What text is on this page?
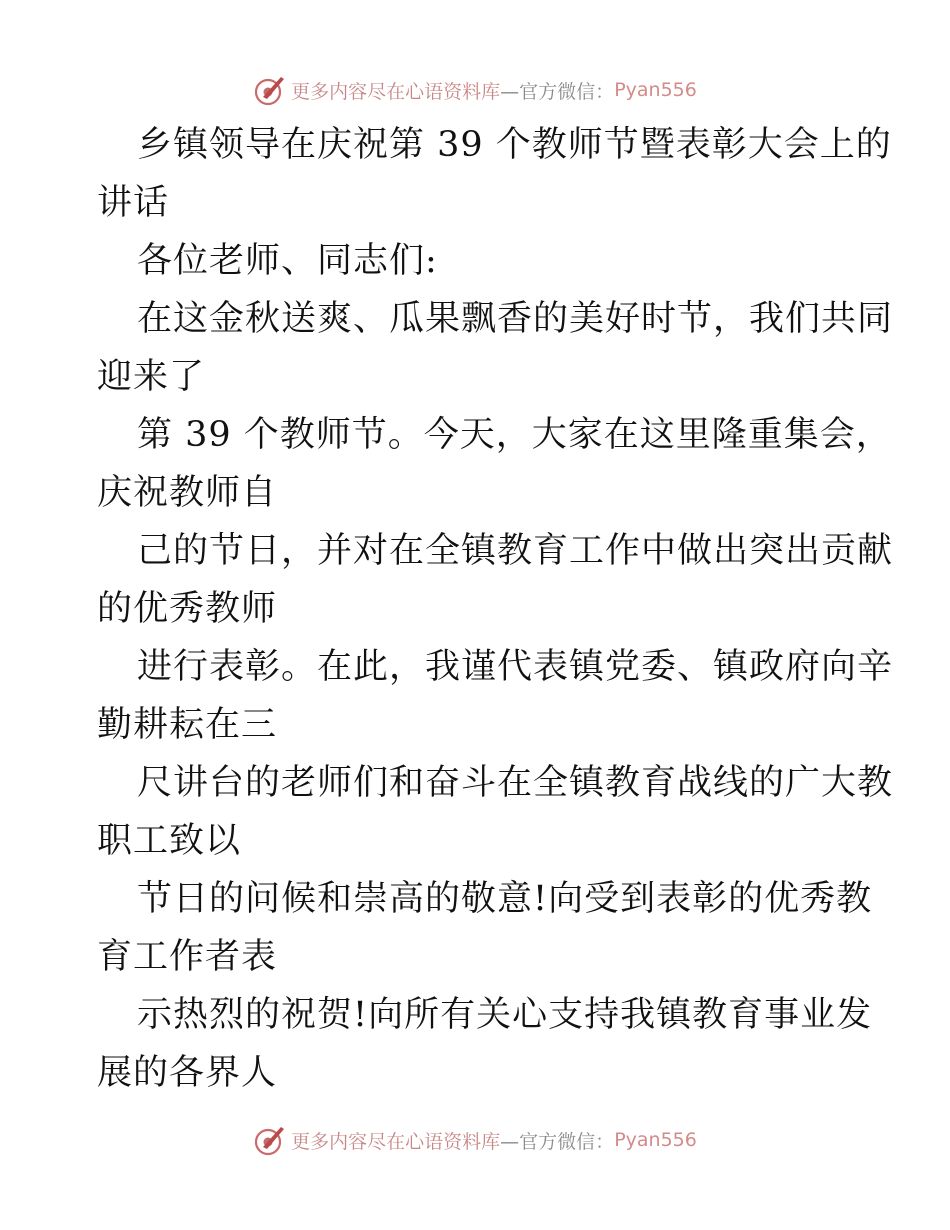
更多内容尽在心语资料库 —官方微信： Pyan556
乡镇领导在庆祝第 39 个教师节暨表彰大会上的
讲话
各位老师、同志们:
在这金秋送爽、瓜果飘香的美好时节，我们共同
迎来了
第 39 个教师节。今天，大家在这里隆重集会，
庆祝教师自
己的节日，并对在全镇教育工作中做出突出贡献
的优秀教师
进行表彰。在此，我谨代表镇党委、镇政府向辛
勤耕耘在三
尺讲台的老师们和奋斗在全镇教育战线的广大教
职工致以
节日的问候和崇高的敬意!向受到表彰的优秀教
育工作者表
示热烈的祝贺!向所有关心支持我镇教育事业发
展的各界人
更多内容尽在心语资料库 —官方微信： Pyan556
